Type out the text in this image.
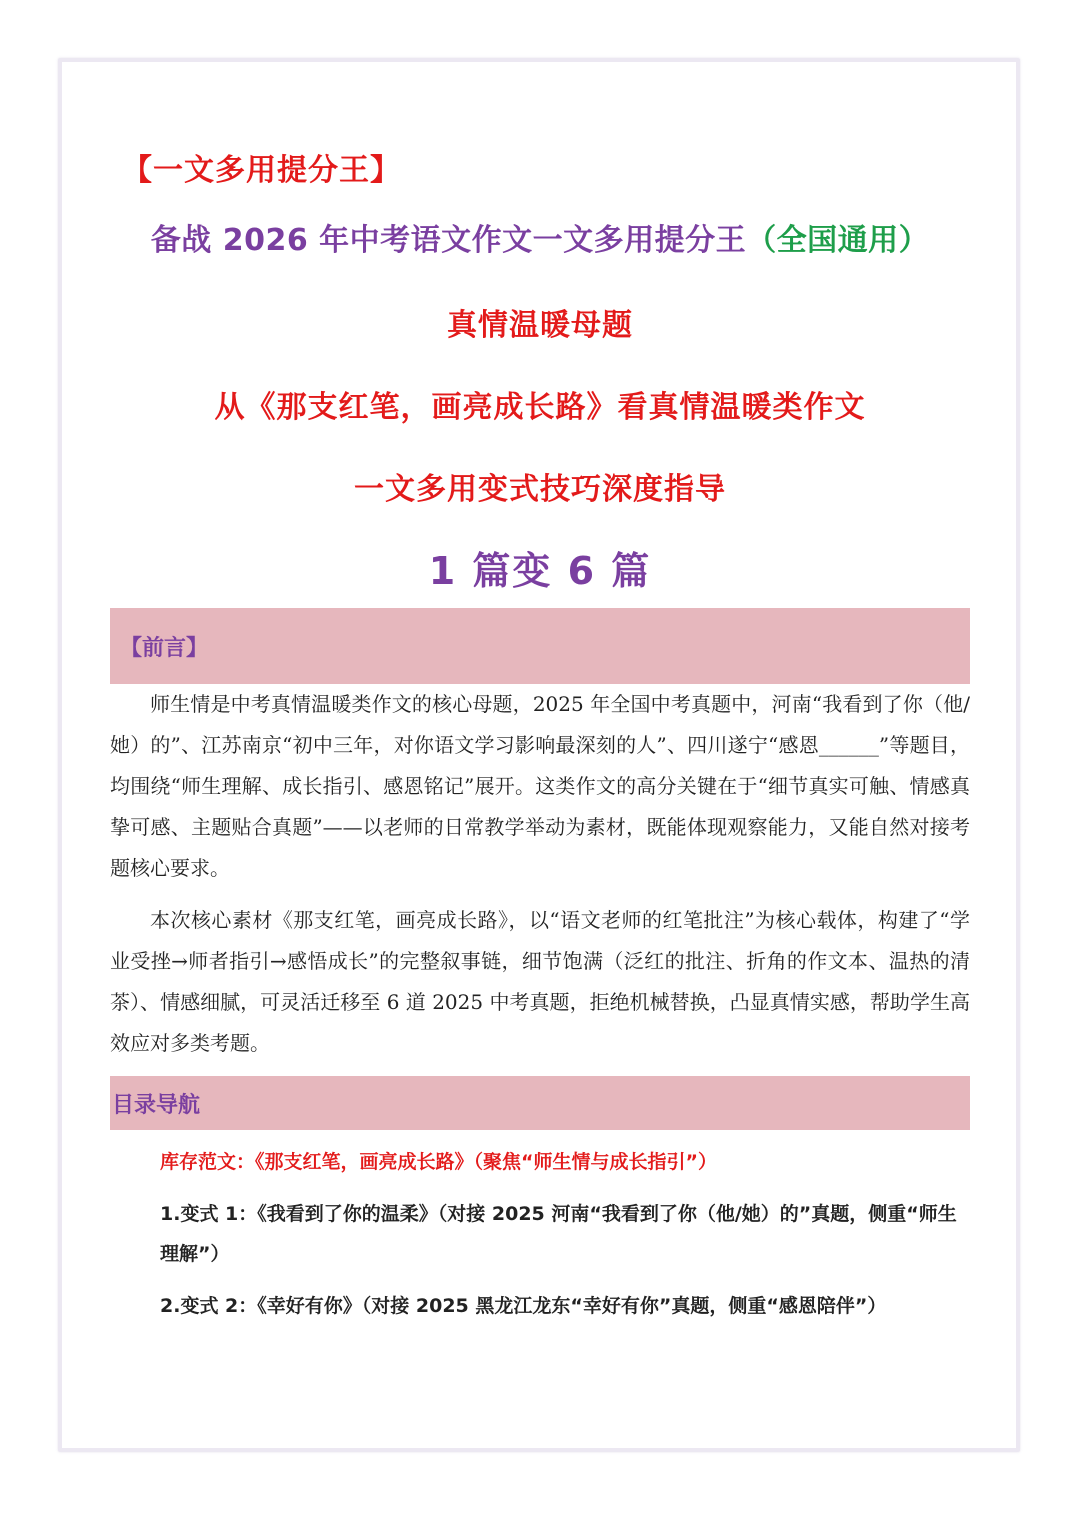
【一文多用提分王】
备战 2026 年中考语文作文一文多用提分王（全国通用）
真情温暖母题
从《那支红笔，画亮成长路》看真情温暖类作文
一文多用变式技巧深度指导
1 篇变 6 篇
【前言】

师生情是中考真情温暖类作文的核心母题，2025 年全国中考真题中，河南“我看到了你（他/她）的”、江苏南京“初中三年，对你语文学习影响最深刻的人”、四川遂宁“感恩______”等题目，均围绕“师生理解、成长指引、感恩铭记”展开。这类作文的高分关键在于“细节真实可触、情感真挚可感、主题贴合真题”——以老师的日常教学举动为素材，既能体现观察能力，又能自然对接考题核心要求。

本次核心素材《那支红笔，画亮成长路》，以“语文老师的红笔批注”为核心载体，构建了“学业受挫→师者指引→感悟成长”的完整叙事链，细节饱满（泛红的批注、折角的作文本、温热的清茶）、情感细腻，可灵活迁移至 6 道 2025 中考真题，拒绝机械替换，凸显真情实感，帮助学生高效应对多类考题。

目录导航

库存范文：《那支红笔，画亮成长路》（聚焦“师生情与成长指引”）

1.变式 1：《我看到了你的温柔》（对接 2025 河南“我看到了你（他/她）的”真题，侧重“师生理解”）

2.变式 2：《幸好有你》（对接 2025 黑龙江龙东“幸好有你”真题，侧重“感恩陪伴”）
